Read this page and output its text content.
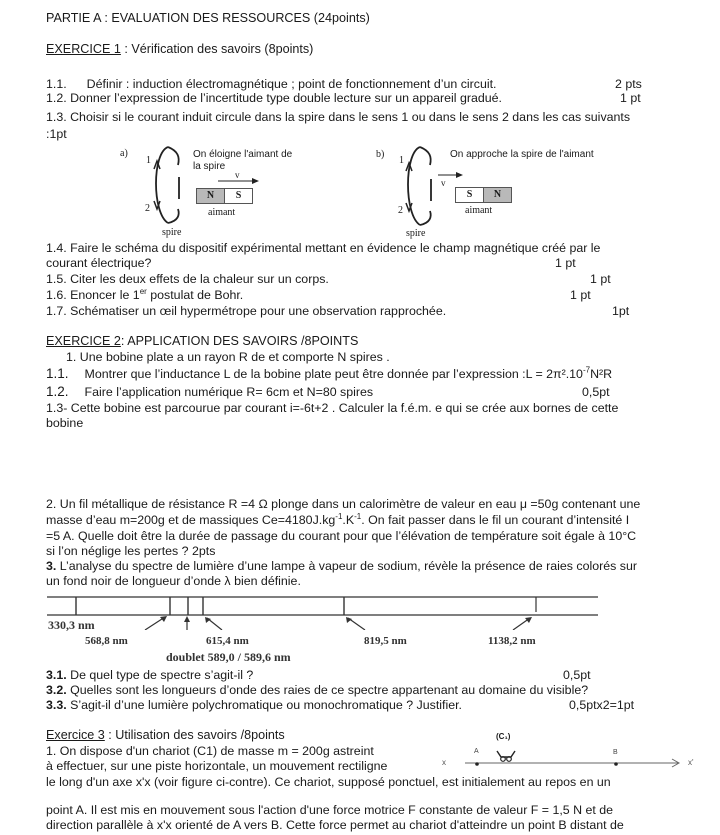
PARTIE A : EVALUATION DES RESSOURCES (24points)
EXERCICE 1 : Vérification des savoirs (8points)
1.1. Définir : induction électromagnétique ; point de fonctionnement d’un circuit.	2 pts
1.2. Donner l’expression de l’incertitude type double lecture sur un appareil gradué.	1 pt
1.3. Choisir si le courant induit circule dans la spire dans le sens 1 ou dans le sens 2 dans les cas suivants
:1pt
a)
1
2
spire
On éloigne l'aimant de
la spire
v
N	S
aimant
b)
1
2
spire
On approche la spire de l'aimant
v
S	N
aimant
1.4. Faire le schéma du dispositif expérimental mettant en évidence le champ magnétique créé par le
courant électrique?	1 pt
1.5. Citer les deux effets de la chaleur sur un corps.	1 pt
1.6. Enoncer le 1er postulat de Bohr.	1 pt
1.7. Schématiser un œil hypermétrope pour une observation rapprochée.	1pt
EXERCICE 2: APPLICATION DES SAVOIRS /8POINTS
1. Une bobine plate a un rayon R de et comporte N spires .
1.1. Montrer que l’inductance L de la bobine plate peut être donnée par l’expression :L = $2\pi^2.10^{-7}N^2R$
1.2. Faire l’application numérique R= 6cm et N=80 spires	0,5pt
1.3- Cette bobine est parcourue par courant i=-6t+2 . Calculer la f.é.m. e qui se crée aux bornes de cette
bobine
2. Un fil métallique de résistance R =4 Ω plonge dans un calorimètre de valeur en eau μ =50g contenant une
masse d’eau m=200g et de massiques $Ce=4180J.kg^{-1}.K^{-1}$. On fait passer dans le fil un courant d’intensité I
=5 A. Quelle doit être la durée de passage du courant pour que l’élévation de température soit égale à 10°C
si l’on néglige les pertes ? 2pts
3. L’analyse du spectre de lumière d’une lampe à vapeur de sodium, révèle la présence de raies colorés sur
un fond noir de longueur d’onde λ bien définie.
330,3 nm
568,8 nm	615,4 nm
doublet 589,0 / 589,6 nm
819,5 nm	1138,2 nm
3.1. De quel type de spectre s’agit-il ?	0,5pt
3.2. Quelles sont les longueurs d’onde des raies de ce spectre appartenant au domaine du visible?
3.3. S’agit-il d’une lumière polychromatique ou monochromatique ? Justifier.	0,5ptx2=1pt
Exercice 3 : Utilisation des savoirs /8points
1. On dispose d'un chariot (C1) de masse m = 200g astreint
à effectuer, sur une piste horizontale, un mouvement rectiligne
le long d'un axe x'x (voir figure ci-contre). Ce chariot, supposé ponctuel, est initialement au repos en un
point A. Il est mis en mouvement sous l'action d'une force motrice F constante de valeur F = 1,5 N et de
direction parallèle à x'x orienté de A vers B. Cette force permet au chariot d'atteindre un point B distant de
(C₁)
x	x'
A	B
